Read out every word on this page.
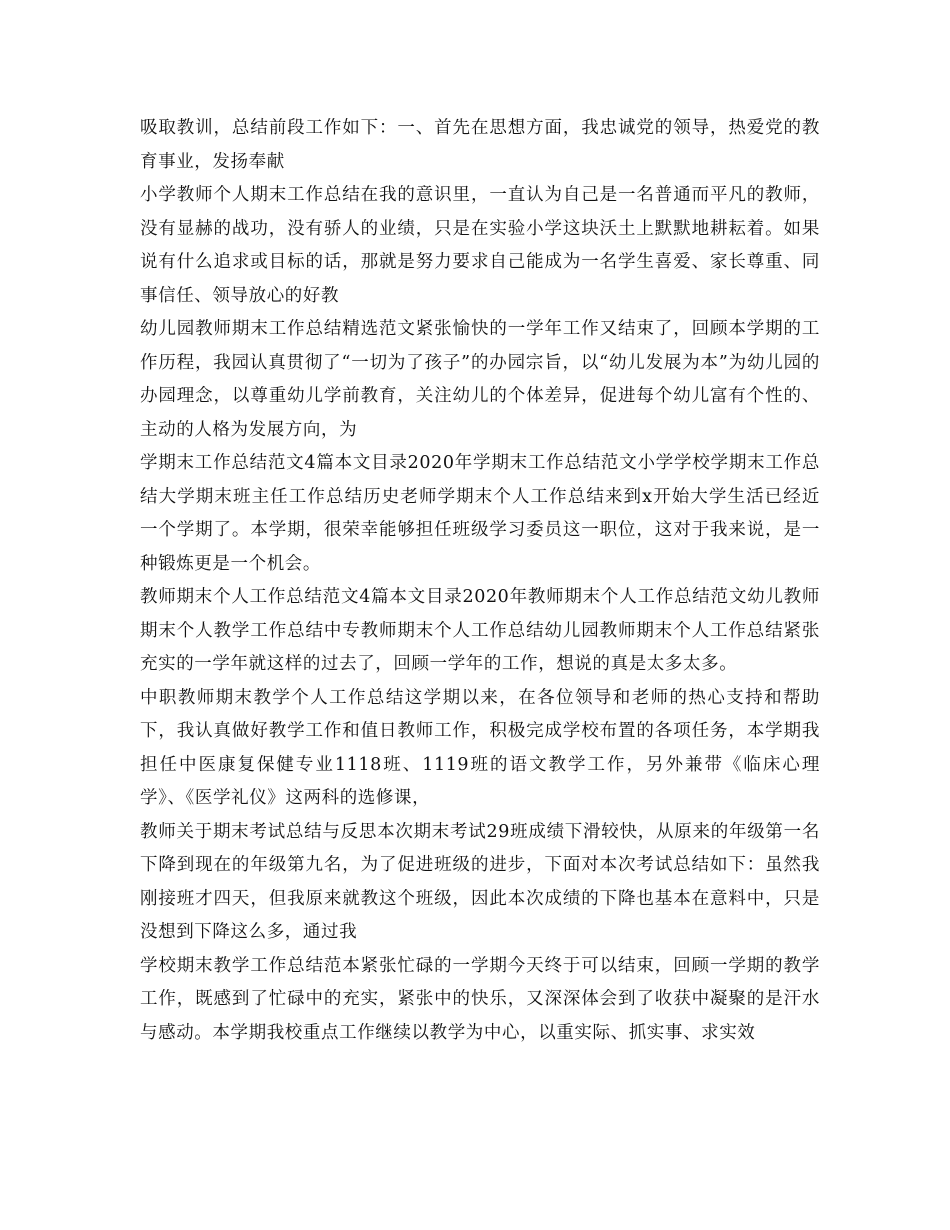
吸取教训，总结前段工作如下：一、首先在思想方面，我忠诚党的领导，热爱党的教育事业，发扬奉献

小学教师个人期末工作总结在我的意识里，一直认为自己是一名普通而平凡的教师，没有显赫的战功，没有骄人的业绩，只是在实验小学这块沃土上默默地耕耘着。如果说有什么追求或目标的话，那就是努力要求自己能成为一名学生喜爱、家长尊重、同事信任、领导放心的好教

幼儿园教师期末工作总结精选范文紧张愉快的一学年工作又结束了，回顾本学期的工作历程，我园认真贯彻了“一切为了孩子”的办园宗旨，以“幼儿发展为本”为幼儿园的办园理念，以尊重幼儿学前教育，关注幼儿的个体差异，促进每个幼儿富有个性的、主动的人格为发展方向，为

学期末工作总结范文4篇本文目录2020年学期末工作总结范文小学学校学期末工作总结大学期末班主任工作总结历史老师学期末个人工作总结来到x开始大学生活已经近一个学期了。本学期，很荣幸能够担任班级学习委员这一职位，这对于我来说，是一种锻炼更是一个机会。

教师期末个人工作总结范文4篇本文目录2020年教师期末个人工作总结范文幼儿教师期末个人教学工作总结中专教师期末个人工作总结幼儿园教师期末个人工作总结紧张充实的一学年就这样的过去了，回顾一学年的工作，想说的真是太多太多。

中职教师期末教学个人工作总结这学期以来，在各位领导和老师的热心支持和帮助下，我认真做好教学工作和值日教师工作，积极完成学校布置的各项任务，本学期我担任中医康复保健专业1118班、1119班的语文教学工作，另外兼带《临床心理学》、《医学礼仪》这两科的选修课，

教师关于期末考试总结与反思本次期末考试29班成绩下滑较快，从原来的年级第一名下降到现在的年级第九名，为了促进班级的进步，下面对本次考试总结如下：虽然我刚接班才四天，但我原来就教这个班级，因此本次成绩的下降也基本在意料中，只是没想到下降这么多，通过我

学校期末教学工作总结范本紧张忙碌的一学期今天终于可以结束，回顾一学期的教学工作，既感到了忙碌中的充实，紧张中的快乐，又深深体会到了收获中凝聚的是汗水与感动。本学期我校重点工作继续以教学为中心，以重实际、抓实事、求实效
